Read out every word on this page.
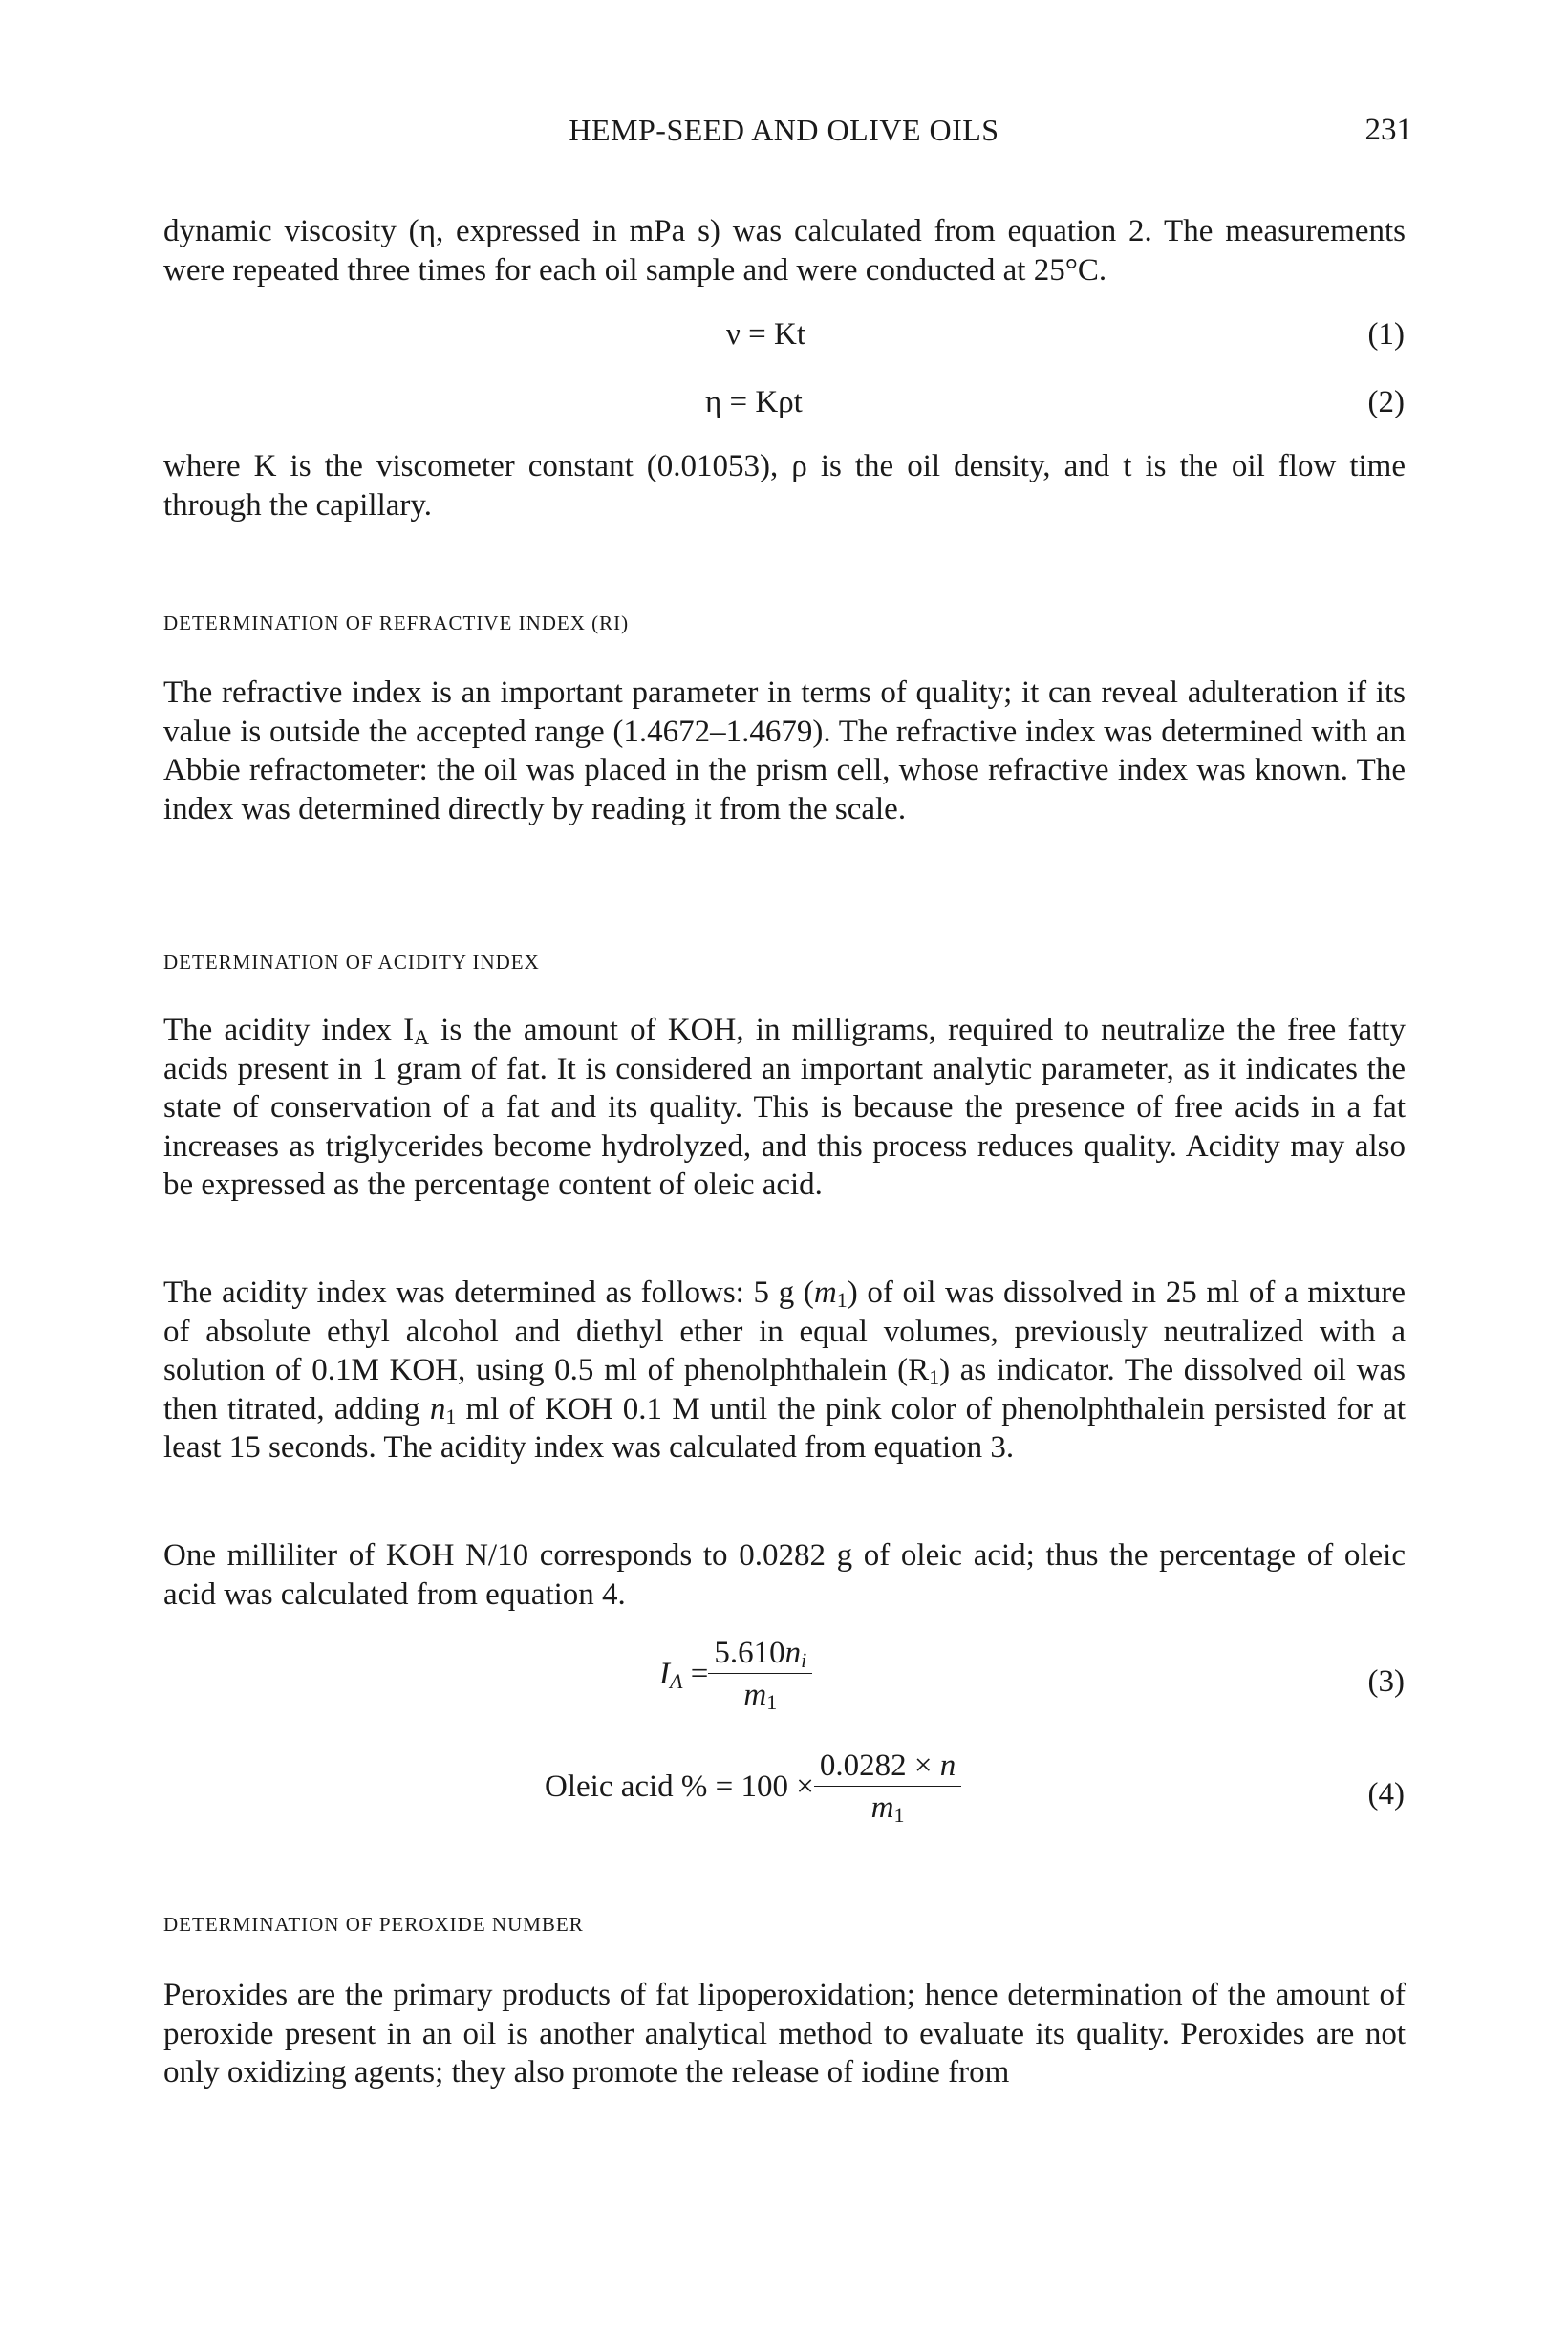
HEMP-SEED AND OLIVE OILS	231
dynamic viscosity (η, expressed in mPa s) was calculated from equation 2. The measurements were repeated three times for each oil sample and were conducted at 25°C.
ν = Kt	(1)
η = Kρt	(2)
where K is the viscometer constant (0.01053), ρ is the oil density, and t is the oil flow time through the capillary.
DETERMINATION OF REFRACTIVE INDEX (RI)
The refractive index is an important parameter in terms of quality; it can reveal adulteration if its value is outside the accepted range (1.4672–1.4679). The refractive index was determined with an Abbie refractometer: the oil was placed in the prism cell, whose refractive index was known. The index was determined directly by reading it from the scale.
DETERMINATION OF ACIDITY INDEX
The acidity index $I_A$ is the amount of KOH, in milligrams, required to neutralize the free fatty acids present in 1 gram of fat. It is considered an important analytic parameter, as it indicates the state of conservation of a fat and its quality. This is because the presence of free acids in a fat increases as triglycerides become hydrolyzed, and this process reduces quality. Acidity may also be expressed as the percentage content of oleic acid.
The acidity index was determined as follows: 5 g $(m_1)$ of oil was dissolved in 25 ml of a mixture of absolute ethyl alcohol and diethyl ether in equal volumes, previously neutralized with a solution of 0.1M KOH, using 0.5 ml of phenolphthalein $(R_1)$ as indicator. The dissolved oil was then titrated, adding $n_1$ ml of KOH 0.1 M until the pink color of phenolphthalein persisted for at least 15 seconds. The acidity index was calculated from equation 3.
One milliliter of KOH N/10 corresponds to 0.0282 g of oleic acid; thus the percentage of oleic acid was calculated from equation 4.
$I_A = \frac{5.610n_i}{m_1}$	(3)
Oleic acid % = $100 \times \frac{0.0282 \times n}{m_1}$	(4)
DETERMINATION OF PEROXIDE NUMBER
Peroxides are the primary products of fat lipoperoxidation; hence determination of the amount of peroxide present in an oil is another analytical method to evaluate its quality. Peroxides are not only oxidizing agents; they also promote the release of iodine from
